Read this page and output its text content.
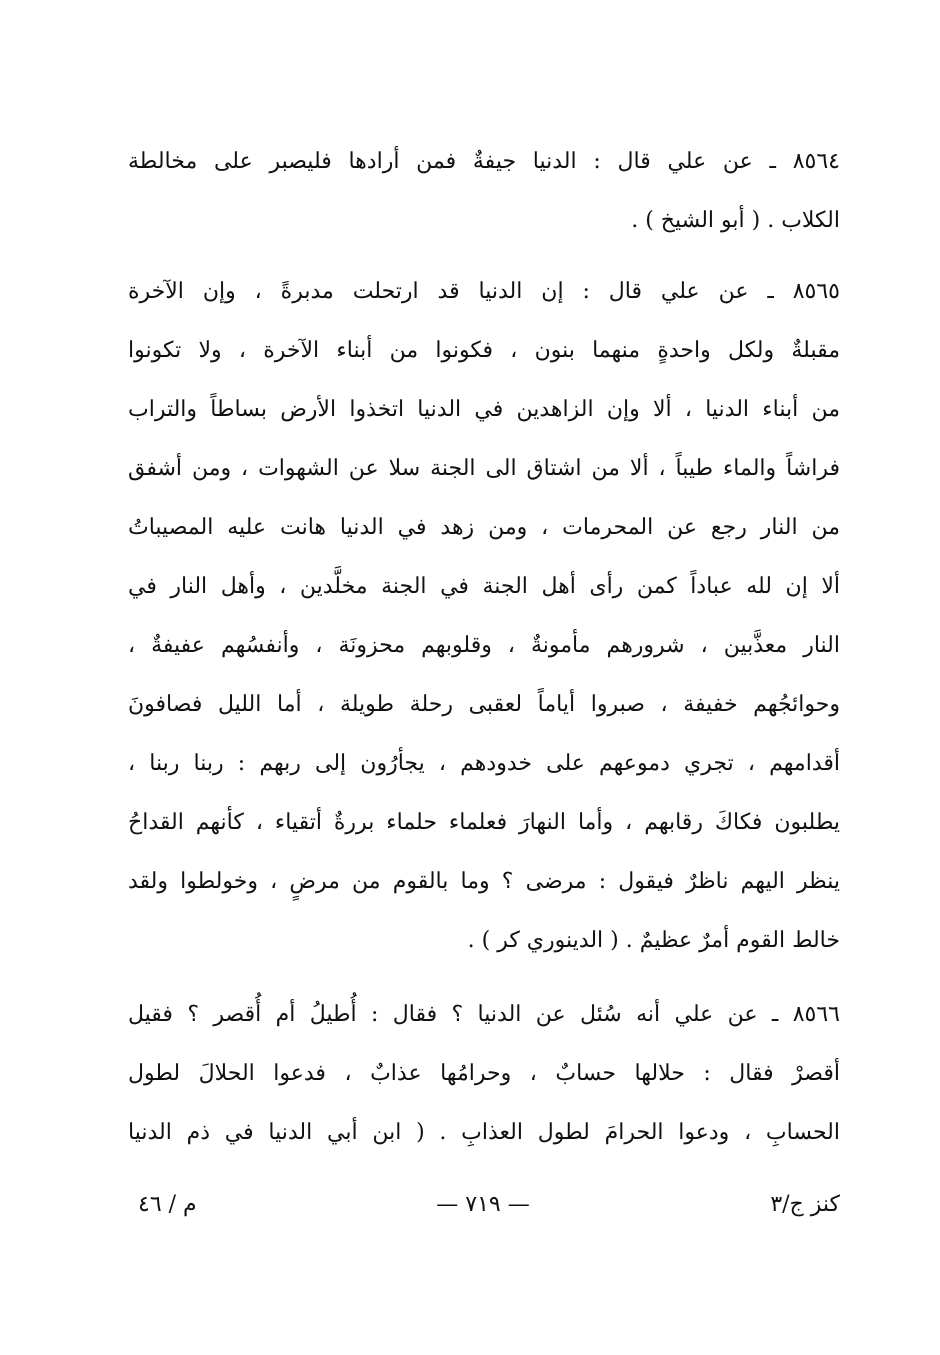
٨٥٦٤ ـ عن علي قال : الدنيا جيفةٌ فمن أرادها فليصبر على مخالطة
الكلاب . ( أبو الشيخ ) .
٨٥٦٥ ـ عن علي قال : إن الدنيا قد ارتحلت مدبرةً ، وإن الآخرة
مقبلةٌ ولكل واحدةٍ منهما بنون ، فكونوا من أبناء الآخرة ، ولا تكونوا
من أبناء الدنيا ، ألا وإن الزاهدين في الدنيا اتخذوا الأرض بساطاً والتراب
فراشاً والماء طيباً ، ألا من اشتاق الى الجنة سلا عن الشهوات ، ومن أشفق
من النار رجع عن المحرمات ، ومن زهد في الدنيا هانت عليه المصيباتُ
ألا إن لله عباداً كمن رأى أهل الجنة في الجنة مخلَّدين ، وأهل النار في
النار معذَّبين ، شرورهم مأمونةٌ ، وقلوبهم محزونَة ، وأنفسُهم عفيفةٌ ،
وحوائجُهم خفيفة ، صبروا أياماً لعقبى رحلة طويلة ، أما الليل فصافونَ
أقدامهم ، تجري دموعهم على خدودهم ، يجأرُون إلى ربهم : ربنا ربنا ،
يطلبون فكاكَ رقابهم ، وأما النهارَ فعلماء حلماء بررةٌ أتقياء ، كأنهم القداحُ
ينظر اليهم ناظرٌ فيقول : مرضى ؟ وما بالقوم من مرضٍ ، وخولطوا ولقد
خالط القوم أمرٌ عظيمٌ . ( الدينوري كر ) .
٨٥٦٦ ـ عن علي أنه سُئل عن الدنيا ؟ فقال : أُطيلُ أم أُقصر ؟ فقيل
أقصرْ فقال : حلالها حسابٌ ، وحرامُها عذابٌ ، فدعوا الحلالَ لطول
الحسابِ ، ودعوا الحرامَ لطول العذابِ . ( ابن أبي الدنيا في ذم الدنيا
كنز ج/٣
— ٧١٩ —
م / ٤٦
